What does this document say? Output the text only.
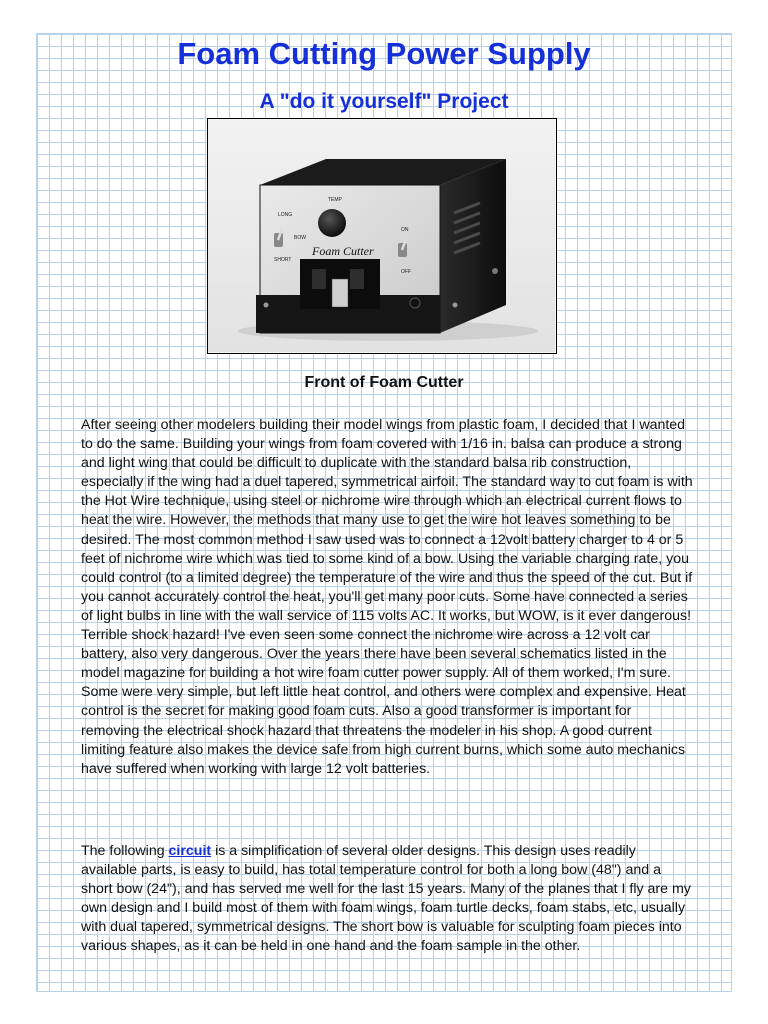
Foam Cutting Power Supply
A "do it yourself" Project
TEMP
LONG
BOW
SHORT
Foam Cutter
ON
OFF
Front of Foam Cutter

After seeing other modelers building their model wings from plastic foam, I decided that I wanted to do the same. Building your wings from foam covered with 1/16 in. balsa can produce a strong and light wing that could be difficult to duplicate with the standard balsa rib construction, especially if the wing had a duel tapered, symmetrical airfoil. The standard way to cut foam is with the Hot Wire technique, using steel or nichrome wire through which an electrical current flows to heat the wire. However, the methods that many use to get the wire hot leaves something to be desired. The most common method I saw used was to connect a 12volt battery charger to 4 or 5 feet of nichrome wire which was tied to some kind of a bow. Using the variable charging rate, you could control (to a limited degree) the temperature of the wire and thus the speed of the cut. But if you cannot accurately control the heat, you'll get many poor cuts. Some have connected a series of light bulbs in line with the wall service of 115 volts AC. It works, but WOW, is it ever dangerous! Terrible shock hazard! I've even seen some connect the nichrome wire across a 12 volt car battery, also very dangerous. Over the years there have been several schematics listed in the model magazine for building a hot wire foam cutter power supply. All of them worked, I'm sure. Some were very simple, but left little heat control, and others were complex and expensive. Heat control is the secret for making good foam cuts. Also a good transformer is important for removing the electrical shock hazard that threatens the modeler in his shop. A good current limiting feature also makes the device safe from high current burns, which some auto mechanics have suffered when working with large 12 volt batteries.

The following circuit is a simplification of several older designs. This design uses readily available parts, is easy to build, has total temperature control for both a long bow (48") and a short bow (24"), and has served me well for the last 15 years. Many of the planes that I fly are my own design and I build most of them with foam wings, foam turtle decks, foam stabs, etc, usually with dual tapered, symmetrical designs. The short bow is valuable for sculpting foam pieces into various shapes, as it can be held in one hand and the foam sample in the other.
